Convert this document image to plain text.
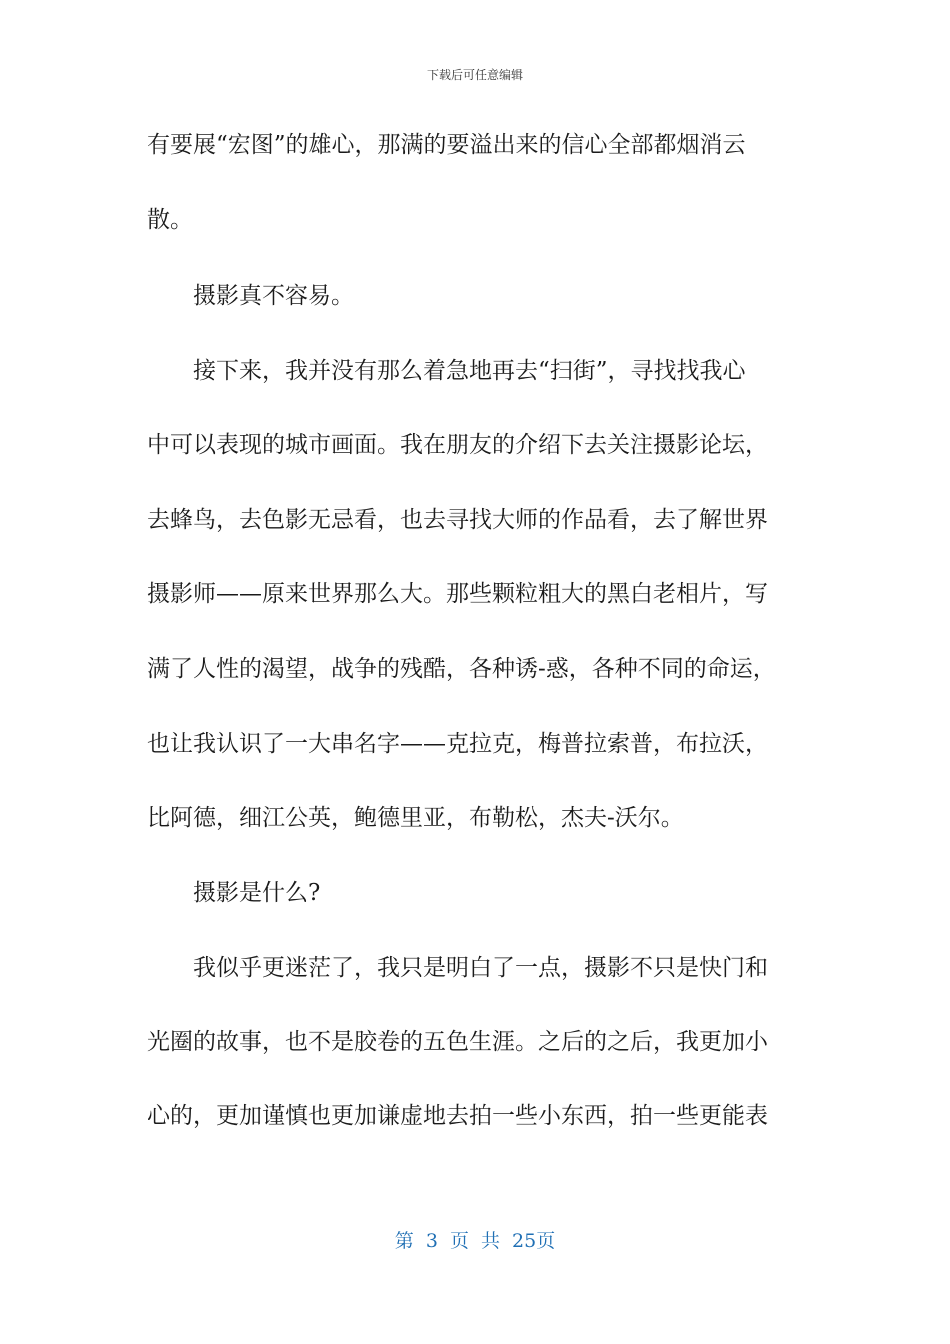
下载后可任意编辑
有要展“宏图”的雄心，那满的要溢出来的信心全部都烟消云
散。
摄影真不容易。
接下来，我并没有那么着急地再去“扫街”，寻找找我心
中可以表现的城市画面。我在朋友的介绍下去关注摄影论坛，
去蜂鸟，去色影无忌看，也去寻找大师的作品看，去了解世界
摄影师——原来世界那么大。那些颗粒粗大的黑白老相片，写
满了人性的渴望，战争的残酷，各种诱-惑，各种不同的命运，
也让我认识了一大串名字——克拉克，梅普拉索普，布拉沃，
比阿德，细江公英，鲍德里亚，布勒松，杰夫-沃尔。
摄影是什么?
我似乎更迷茫了，我只是明白了一点，摄影不只是快门和
光圈的故事，也不是胶卷的五色生涯。之后的之后，我更加小
心的，更加谨慎也更加谦虚地去拍一些小东西，拍一些更能表
第 3 页 共 25页
